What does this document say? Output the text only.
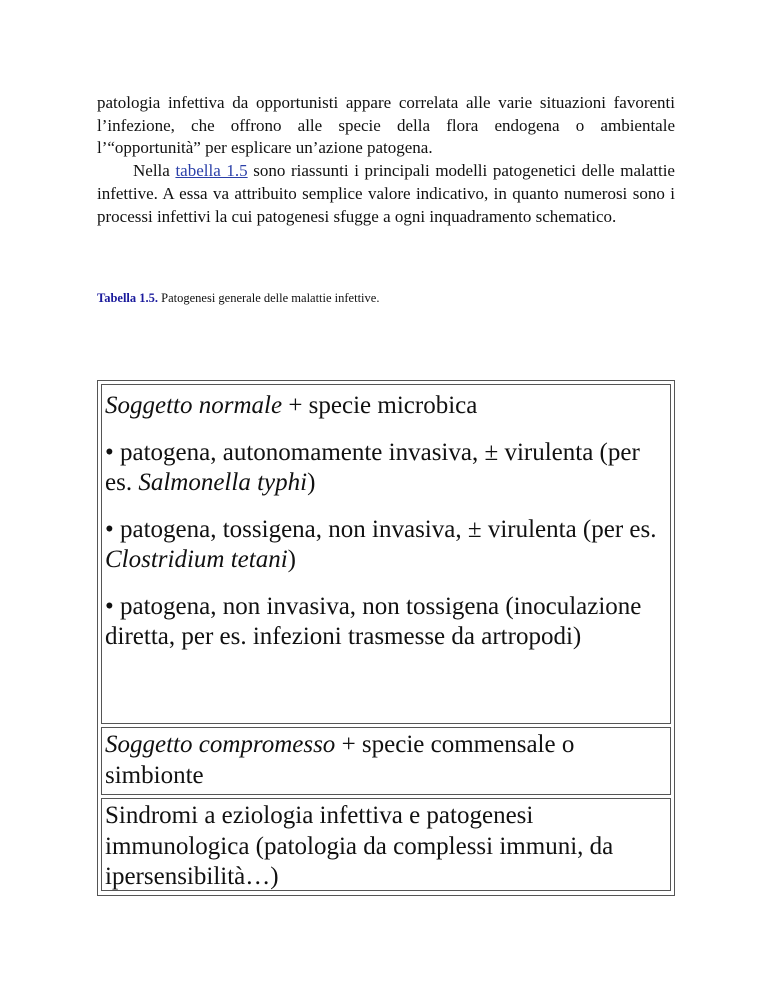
patologia infettiva da opportunisti appare correlata alle varie situazioni favorenti l’infezione, che offrono alle specie della flora endogena o ambientale l’“opportunità” per esplicare un’azione patogena.

Nella tabella 1.5 sono riassunti i principali modelli patogenetici delle malattie infettive. A essa va attribuito semplice valore indicativo, in quanto numerosi sono i processi infettivi la cui patogenesi sfugge a ogni inquadramento schematico.

Tabella 1.5. Patogenesi generale delle malattie infettive.

Soggetto normale + specie microbica

• patogena, autonomamente invasiva, ± virulenta (per es. Salmonella typhi)

• patogena, tossigena, non invasiva, ± virulenta (per es. Clostridium tetani)

• patogena, non invasiva, non tossigena (inoculazione diretta, per es. infezioni trasmesse da artropodi)

Soggetto compromesso + specie commensale o simbionte

Sindromi a eziologia infettiva e patogenesi immunologica (patologia da complessi immuni, da ipersensibilità…)
